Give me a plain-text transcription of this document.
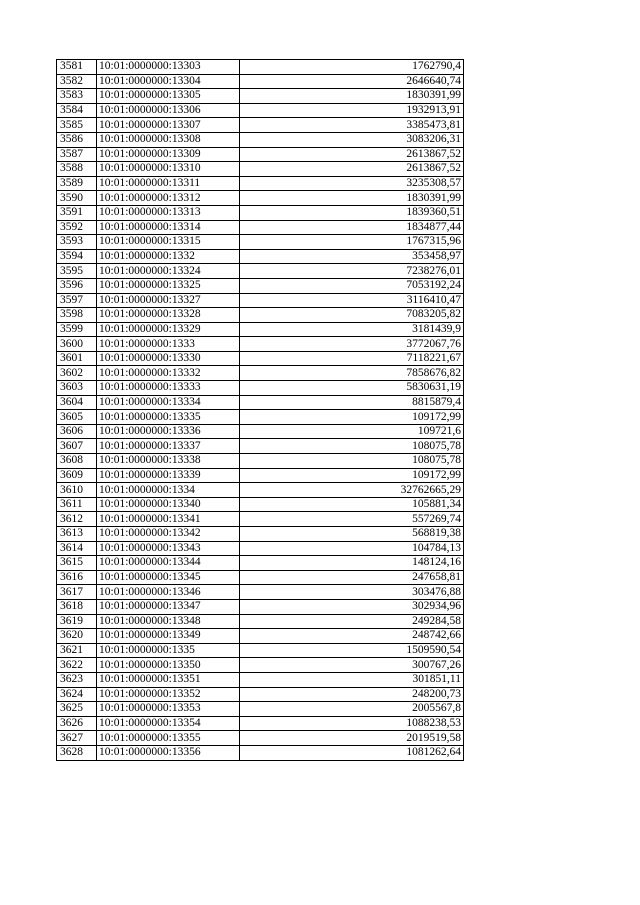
3581	10:01:0000000:13303	1762790,4
3582	10:01:0000000:13304	2646640,74
3583	10:01:0000000:13305	1830391,99
3584	10:01:0000000:13306	1932913,91
3585	10:01:0000000:13307	3385473,81
3586	10:01:0000000:13308	3083206,31
3587	10:01:0000000:13309	2613867,52
3588	10:01:0000000:13310	2613867,52
3589	10:01:0000000:13311	3235308,57
3590	10:01:0000000:13312	1830391,99
3591	10:01:0000000:13313	1839360,51
3592	10:01:0000000:13314	1834877,44
3593	10:01:0000000:13315	1767315,96
3594	10:01:0000000:1332	353458,97
3595	10:01:0000000:13324	7238276,01
3596	10:01:0000000:13325	7053192,24
3597	10:01:0000000:13327	3116410,47
3598	10:01:0000000:13328	7083205,82
3599	10:01:0000000:13329	3181439,9
3600	10:01:0000000:1333	3772067,76
3601	10:01:0000000:13330	7118221,67
3602	10:01:0000000:13332	7858676,82
3603	10:01:0000000:13333	5830631,19
3604	10:01:0000000:13334	8815879,4
3605	10:01:0000000:13335	109172,99
3606	10:01:0000000:13336	109721,6
3607	10:01:0000000:13337	108075,78
3608	10:01:0000000:13338	108075,78
3609	10:01:0000000:13339	109172,99
3610	10:01:0000000:1334	32762665,29
3611	10:01:0000000:13340	105881,34
3612	10:01:0000000:13341	557269,74
3613	10:01:0000000:13342	568819,38
3614	10:01:0000000:13343	104784,13
3615	10:01:0000000:13344	148124,16
3616	10:01:0000000:13345	247658,81
3617	10:01:0000000:13346	303476,88
3618	10:01:0000000:13347	302934,96
3619	10:01:0000000:13348	249284,58
3620	10:01:0000000:13349	248742,66
3621	10:01:0000000:1335	1509590,54
3622	10:01:0000000:13350	300767,26
3623	10:01:0000000:13351	301851,11
3624	10:01:0000000:13352	248200,73
3625	10:01:0000000:13353	2005567,8
3626	10:01:0000000:13354	1088238,53
3627	10:01:0000000:13355	2019519,58
3628	10:01:0000000:13356	1081262,64
